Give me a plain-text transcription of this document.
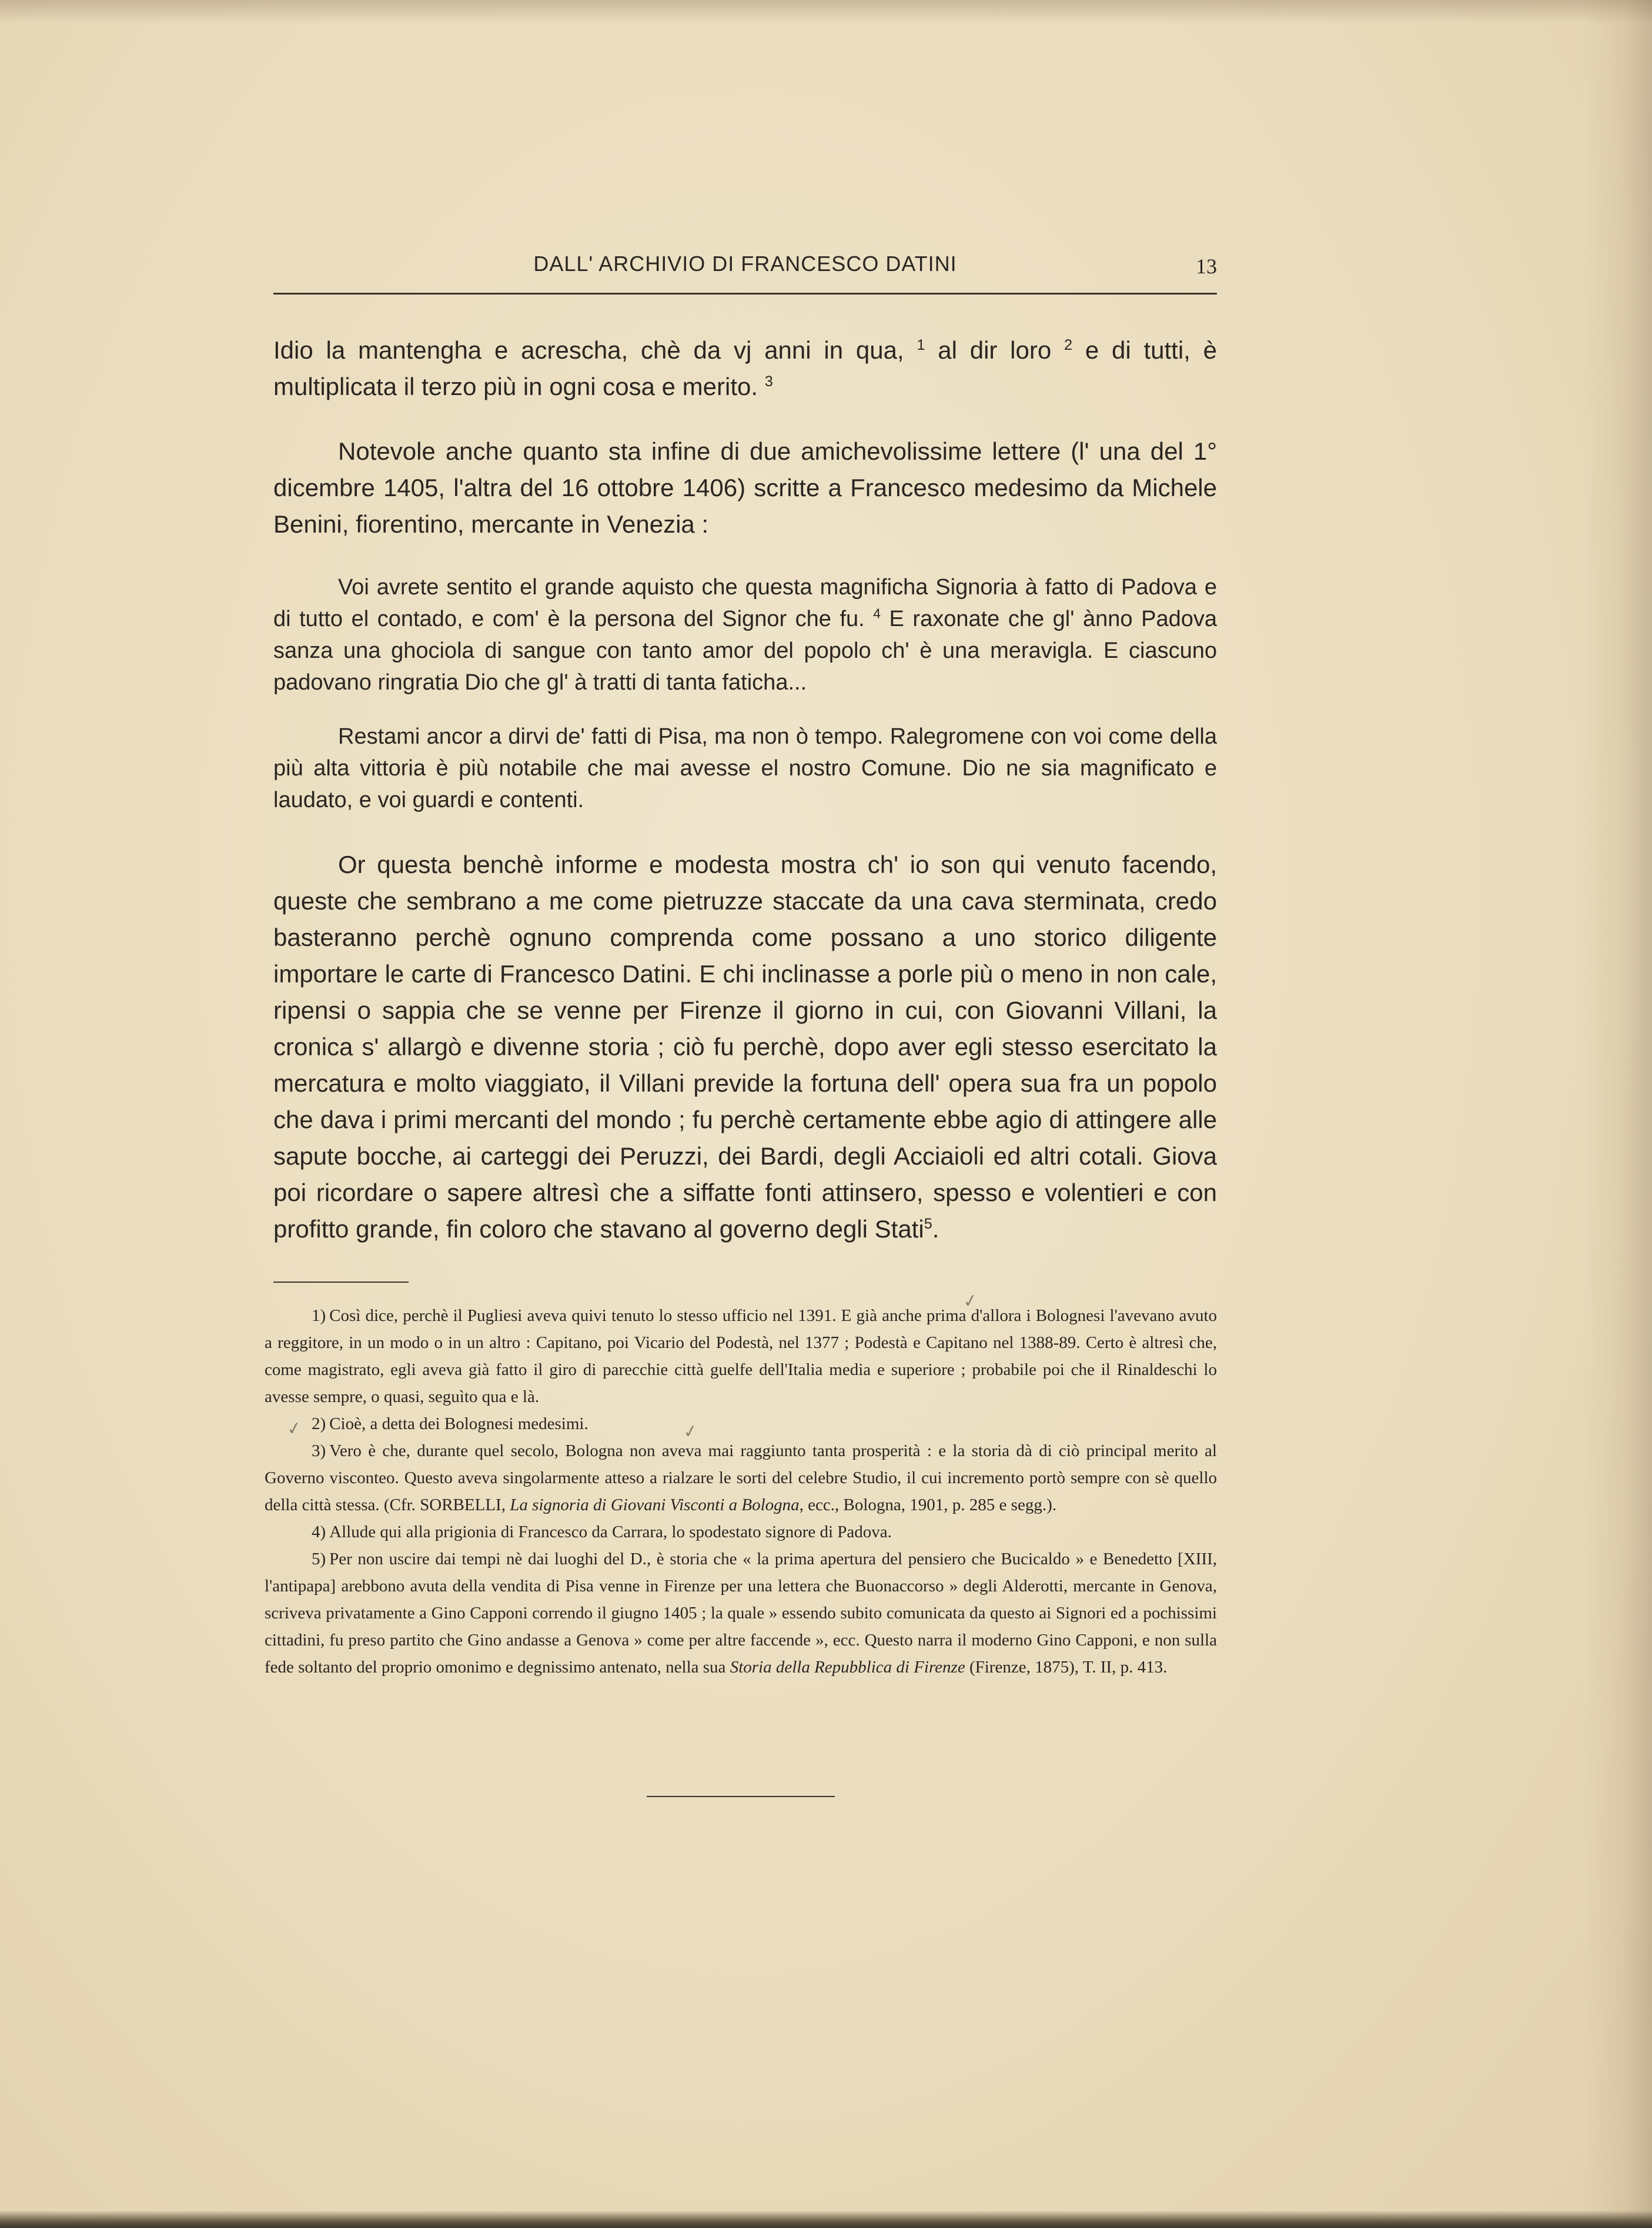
DALL' ARCHIVIO DI FRANCESCO DATINI	13

Idio la mantengha e acrescha, chè da vj anni in qua, $^1$ al dir loro $^2$ e di tutti, è multiplicata il terzo più in ogni cosa e merito. $^3$

Notevole anche quanto sta infine di due amichevolissime lettere (l' una del 1° dicembre 1405, l'altra del 16 ottobre 1406) scritte a Francesco medesimo da Michele Benini, fiorentino, mercante in Venezia :

Voi avrete sentito el grande aquisto che questa magnificha Signoria à fatto di Padova e di tutto el contado, e com' è la persona del Signor che fu. $^4$ E raxonate che gl' ànno Padova sanza una ghociola di sangue con tanto amor del popolo ch' è una meravigla. E ciascuno padovano ringratia Dio che gl' à tratti di tanta faticha...

Restami ancor a dirvi de' fatti di Pisa, ma non ò tempo. Ralegromene con voi come della più alta vittoria è più notabile che mai avesse el nostro Comune. Dio ne sia magnificato e laudato, e voi guardi e contenti.

Or questa benchè informe e modesta mostra ch' io son qui venuto facendo, queste che sembrano a me come pietruzze staccate da una cava sterminata, credo basteranno perchè ognuno comprenda come possano a uno storico diligente importare le carte di Francesco Datini. E chi inclinasse a porle più o meno in non cale, ripensi o sappia che se venne per Firenze il giorno in cui, con Giovanni Villani, la cronica s' allargò e divenne storia ; ciò fu perchè, dopo aver egli stesso esercitato la mercatura e molto viaggiato, il Villani previde la fortuna dell' opera sua fra un popolo che dava i primi mercanti del mondo ; fu perchè certamente ebbe agio di attingere alle sapute bocche, ai carteggi dei Peruzzi, dei Bardi, degli Acciaioli ed altri cotali. Giova poi ricordare o sapere altresì che a siffatte fonti attinsero, spesso e volentieri e con profitto grande, fin coloro che stavano al governo degli Stati$^5$.

1) Così dice, perchè il Pugliesi aveva quivi tenuto lo stesso ufficio nel 1391. E già anche prima d'allora i Bolognesi l'avevano avuto a reggitore, in un modo o in un altro : Capitano, poi Vicario del Podestà, nel 1377 ; Podestà e Capitano nel 1388-89. Certo è altresì che, come magistrato, egli aveva già fatto il giro di parecchie città guelfe dell'Italia media e superiore ; probabile poi che il Rinaldeschi lo avesse sempre, o quasi, seguìto qua e là.

2) Cioè, a detta dei Bolognesi medesimi.

3) Vero è che, durante quel secolo, Bologna non aveva mai raggiunto tanta prosperità : e la storia dà di ciò principal merito al Governo visconteo. Questo aveva singolarmente atteso a rialzare le sorti del celebre Studio, il cui incremento portò sempre con sè quello della città stessa. (Cfr. SORBELLI, La signoria di Giovani Visconti a Bologna, ecc., Bologna, 1901, p. 285 e segg.).

4) Allude qui alla prigionia di Francesco da Carrara, lo spodestato signore di Padova.

5) Per non uscire dai tempi nè dai luoghi del D., è storia che « la prima apertura del pensiero che Bucicaldo » e Benedetto [XIII, l'antipapa] arebbono avuta della vendita di Pisa venne in Firenze per una lettera che Buonaccorso » degli Alderotti, mercante in Genova, scriveva privatamente a Gino Capponi correndo il giugno 1405 ; la quale » essendo subito comunicata da questo ai Signori ed a pochissimi cittadini, fu preso partito che Gino andasse a Genova » come per altre faccende », ecc. Questo narra il moderno Gino Capponi, e non sulla fede soltanto del proprio omonimo e degnissimo antenato, nella sua Storia della Repubblica di Firenze (Firenze, 1875), T. II, p. 413.

✓
✓	✓
